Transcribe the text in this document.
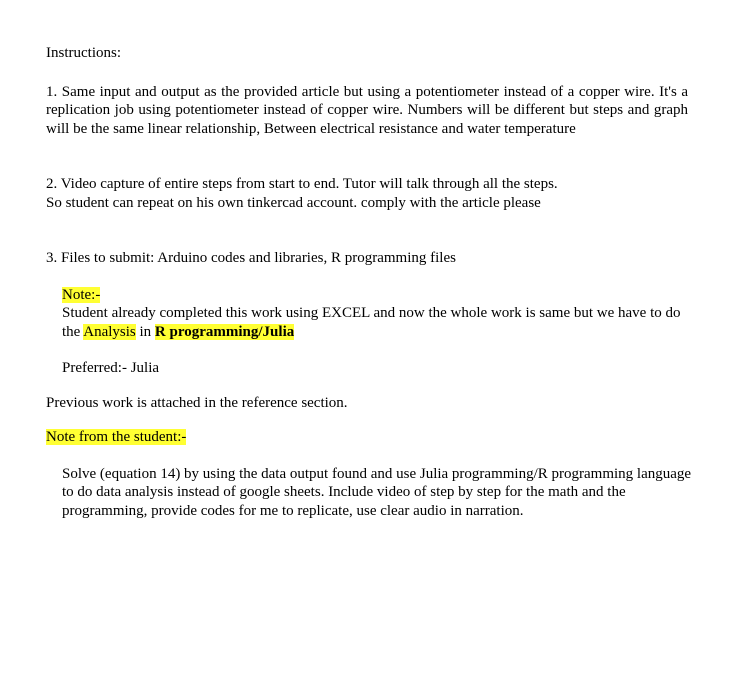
Instructions:

1. Same input and output as the provided article but using a potentiometer instead of a copper wire. It's a replication job using potentiometer instead of copper wire. Numbers will be different but steps and graph will be the same linear relationship, Between electrical resistance and water temperature

2. Video capture of entire steps from start to end. Tutor will talk through all the steps. So student can repeat on his own tinkercad account. comply with the article please

3. Files to submit: Arduino codes and libraries, R programming files

Note:-

Student already completed this work using EXCEL and now the whole work is same but we have to do the Analysis in R programming/Julia

Preferred:- Julia

Previous work is attached in the reference section.

Note from the student:-

Solve (equation 14) by using the data output found and use Julia programming/R programming language to do data analysis instead of google sheets. Include video of step by step for the math and the programming, provide codes for me to replicate, use clear audio in narration.
